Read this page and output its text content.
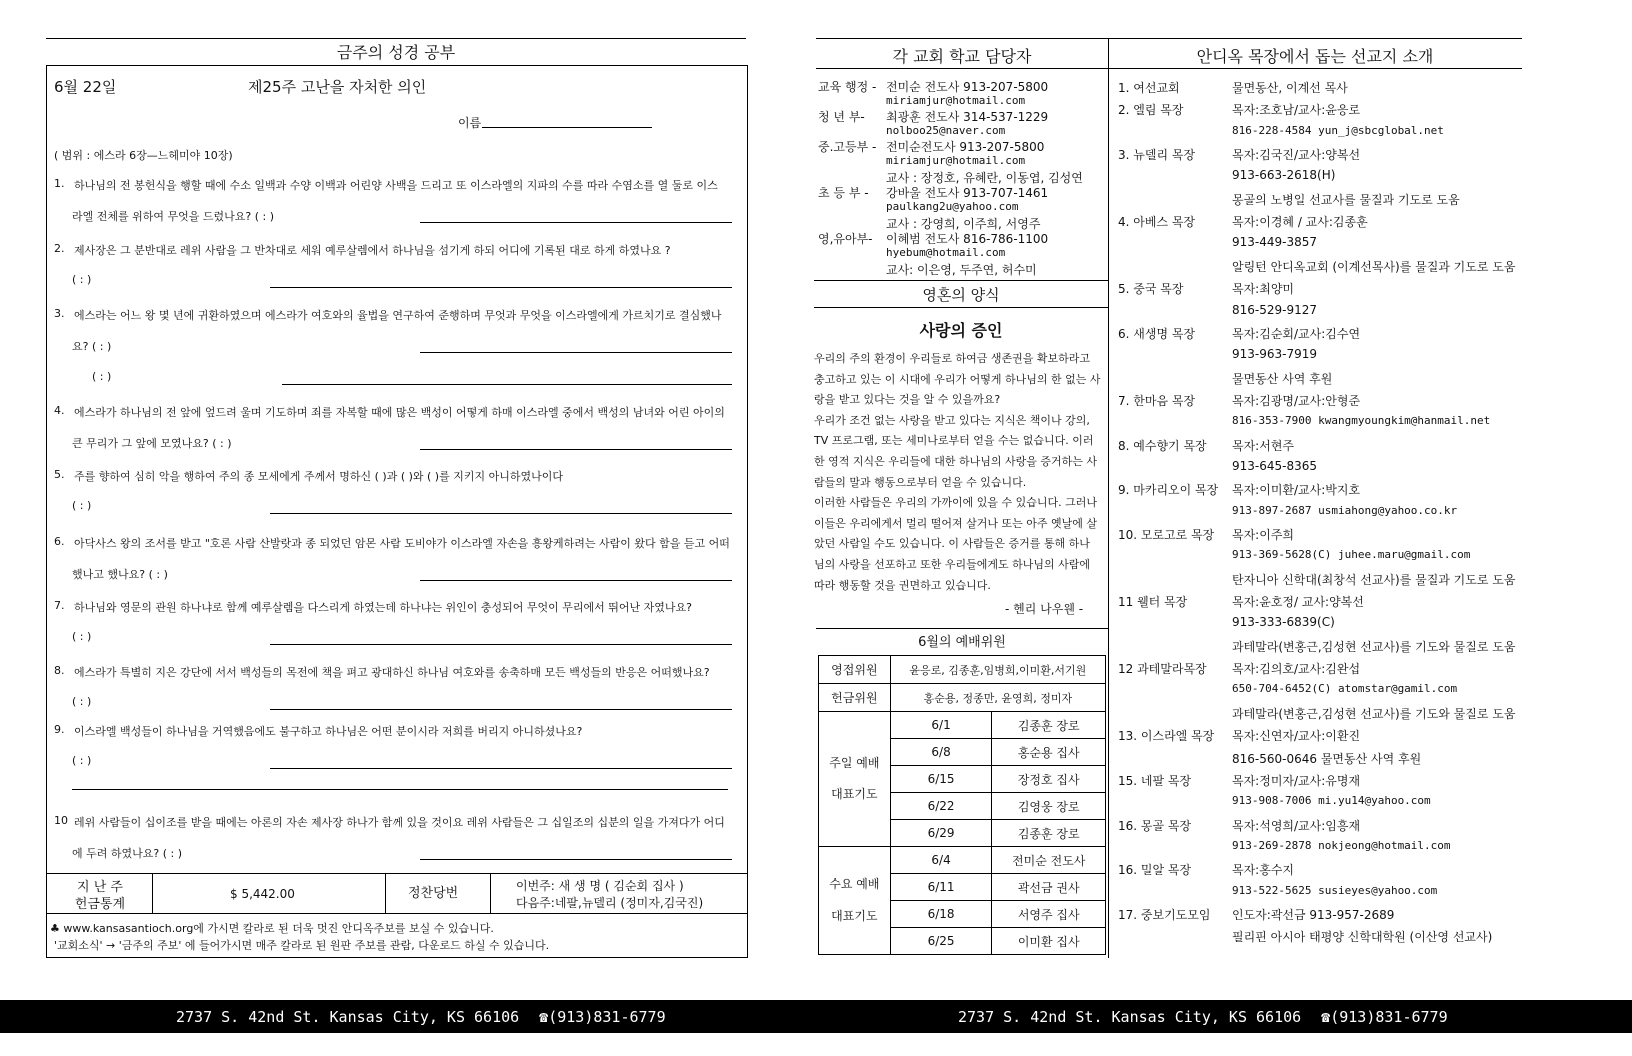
금주의 성경 공부
6월 22일	제25주 고난을 자처한 의인
이름
( 범위 : 에스라 6장—느헤미야 10장)
1. 하나님의 전 봉헌식을 행할 때에 수소 일백과 수양 이백과 어린양 사백을 드리고 또 이스라엘의 지파의 수를 따라 수염소를 열 둘로 이스
라엘 전체를 위하여 무엇을 드렸나요? ( : )
2. 제사장은 그 분반대로 레위 사람을 그 반차대로 세워 예루살렘에서 하나님을 섬기게 하되 어디에 기록된 대로 하게 하였나요 ?
( : )
3. 에스라는 어느 왕 몇 년에 귀환하였으며 에스라가 여호와의 율법을 연구하여 준행하며 무엇과 무엇을 이스라엘에게 가르치기로 결심했나
요? ( : )
( : )
4. 에스라가 하나님의 전 앞에 엎드려 울며 기도하며 죄를 자복할 때에 많은 백성이 어떻게 하매 이스라엘 중에서 백성의 남녀와 어린 아이의
큰 무리가 그 앞에 모였나요? ( : )
5. 주를 향하여 심히 악을 행하여 주의 종 모세에게 주께서 명하신 ( )과 ( )와 ( )를 지키지 아니하였나이다
( : )
6. 아닥사스 왕의 조서를 받고 "호론 사람 산발랏과 종 되었던 암몬 사람 도비야가 이스라엘 자손을 흥왕케하려는 사람이 왔다 함을 듣고 어떠
했나고 했나요? ( : )
7. 하나님와 영문의 관원 하나냐로 함께 예루살렘을 다스리게 하였는데 하나냐는 위인이 충성되어 무엇이 무리에서 뛰어난 자였나요?
( : )
8. 에스라가 특별히 지은 강단에 서서 백성들의 목전에 책을 펴고 광대하신 하나님 여호와를 송축하매 모든 백성들의 반응은 어떠했나요?
( : )
9. 이스라엘 백성들이 하나님을 거역했음에도 불구하고 하나님은 어떤 분이시라 저희를 버리지 아니하셨나요?
( : )
10 레위 사람들이 십이조를 받을 때에는 아론의 자손 제사장 하나가 함께 있을 것이요 레위 사람들은 그 십일조의 십분의 일을 가져다가 어디
에 두려 하였나요? ( : )
지 난 주
헌금통계
$ 5,442.00	정찬당번	이번주: 새 생 명 ( 김순회 집사 )
다음주:네팔,뉴델리 (정미자,김국진)
♣ www.kansasantioch.org에 가시면 칼라로 된 더욱 멋진 안디옥주보를 보실 수 있습니다.
'교회소식' → '금주의 주보' 에 들어가시면 매주 칼라로 된 원판 주보를 관람, 다운로드 하실 수 있습니다.
2737 S. 42nd St. Kansas City, KS 66106 ☎(913)831-6779
각 교회 학교 담당자
교육 행정 - 전미순 전도사 913-207-5800
miriamjur@hotmail.com
청 년 부- 최광훈 전도사 314-537-1229
nolboo25@naver.com
중.고등부 - 전미순전도사 913-207-5800
miriamjur@hotmail.com
교사 : 장정호, 유혜란, 이동엽, 김성연
초 등 부 - 강바울 전도사 913-707-1461
paulkang2u@yahoo.com
교사 : 강영희, 이주희, 서영주
영,유아부- 이혜범 전도사 816-786-1100
hyebum@hotmail.com
교사: 이은영, 두주연, 허수미
영혼의 양식
사랑의 증인
우리의 주의 환경이 우리들로 하여금 생존권을 확보하라고
충고하고 있는 이 시대에 우리가 어떻게 하나님의 한 없는 사
랑을 받고 있다는 것을 알 수 있을까요?
우리가 조건 없는 사랑을 받고 있다는 지식은 책이나 강의,
TV 프로그램, 또는 세미나로부터 얻을 수는 없습니다. 이러
한 영적 지식은 우리들에 대한 하나님의 사랑을 증거하는 사
람들의 말과 행동으로부터 얻을 수 있습니다.
이러한 사람들은 우리의 가까이에 있을 수 있습니다. 그러나
이들은 우리에게서 멀리 떨어져 살거나 또는 아주 옛날에 살
았던 사람일 수도 있습니다. 이 사람들은 증거를 통해 하나
님의 사랑을 선포하고 또한 우리들에게도 하나님의 사람에
따라 행동할 것을 권면하고 있습니다.
- 헨리 나우웬 -
6월의 예배위원
영접위원	윤응로, 김종훈,임병희,이미환,서기원	
헌금위원	홍순용, 정종만, 윤영희, 정미자	

주일 예배
대표기도	6/1	김종훈 장로
	6/8	홍순용 집사
	6/15	장정호 집사
	6/22	김영웅 장로
	6/29	김종훈 장로

수요 예배
대표기도	6/4	전미순 전도사
	6/11	곽선금 권사
	6/18	서영주 집사
	6/25	이미환 집사
안디옥 목장에서 돕는 선교지 소개
1. 여선교회	물면동산, 이계선 목사
2. 엘림 목장	목자:조호남/교사:윤응로
816-228-4584 yun_j@sbcglobal.net
3. 뉴델리 목장	목자:김국진/교사:양복선
913-663-2618(H)
몽골의 노병일 선교사를 물질과 기도로 도움
4. 아베스 목장	목자:이경혜 / 교사:김종훈
913-449-3857
알링턴 안디옥교회 (이계선목사)를 물질과 기도로 도움
5. 중국 목장	목자:최양미
816-529-9127
6. 새생명 목장	목자:김순회/교사:김수연
913-963-7919
물면동산 사역 후원
7. 한마음 목장	목자:김광명/교사:안형준
816-353-7900 kwangmyoungkim@hanmail.net
8. 예수향기 목장 목자:서현주
913-645-8365
9. 마카리오이 목장 목자:이미환/교사:박지호
913-897-2687 usmiahong@yahoo.co.kr
10. 모로고로 목장 목자:이주희
913-369-5628(C) juhee.maru@gmail.com
탄자니아 신학대(최창석 선교사)를 물질과 기도로 도움
11 웰터 목장	목자:윤호정/ 교사:양복선
913-333-6839(C)
과테말라(변홍근,김성현 선교사)를 기도와 물질로 도움
12 과테말라목장 목자:김의호/교사:김완섭
650-704-6452(C) atomstar@gamil.com
과테말라(변홍근,김성현 선교사)를 기도와 물질로 도움
13. 이스라엘 목장 목자:신연자/교사:이환진
816-560-0646 물면동산 사역 후원
15. 네팔 목장	목자:정미자/교사:유명재
913-908-7006 mi.yu14@yahoo.com
16. 몽골 목장	목자:석영희/교사:임흥재
913-269-2878 nokjeong@hotmail.com
16. 밀알 목장	목자:홍수지
913-522-5625 susieyes@yahoo.com
17. 중보기도모임 인도자:곽선금 913-957-2689
필리핀 아시아 태평양 신학대학원 (이산영 선교사)
2737 S. 42nd St. Kansas City, KS 66106 ☎(913)831-6779
